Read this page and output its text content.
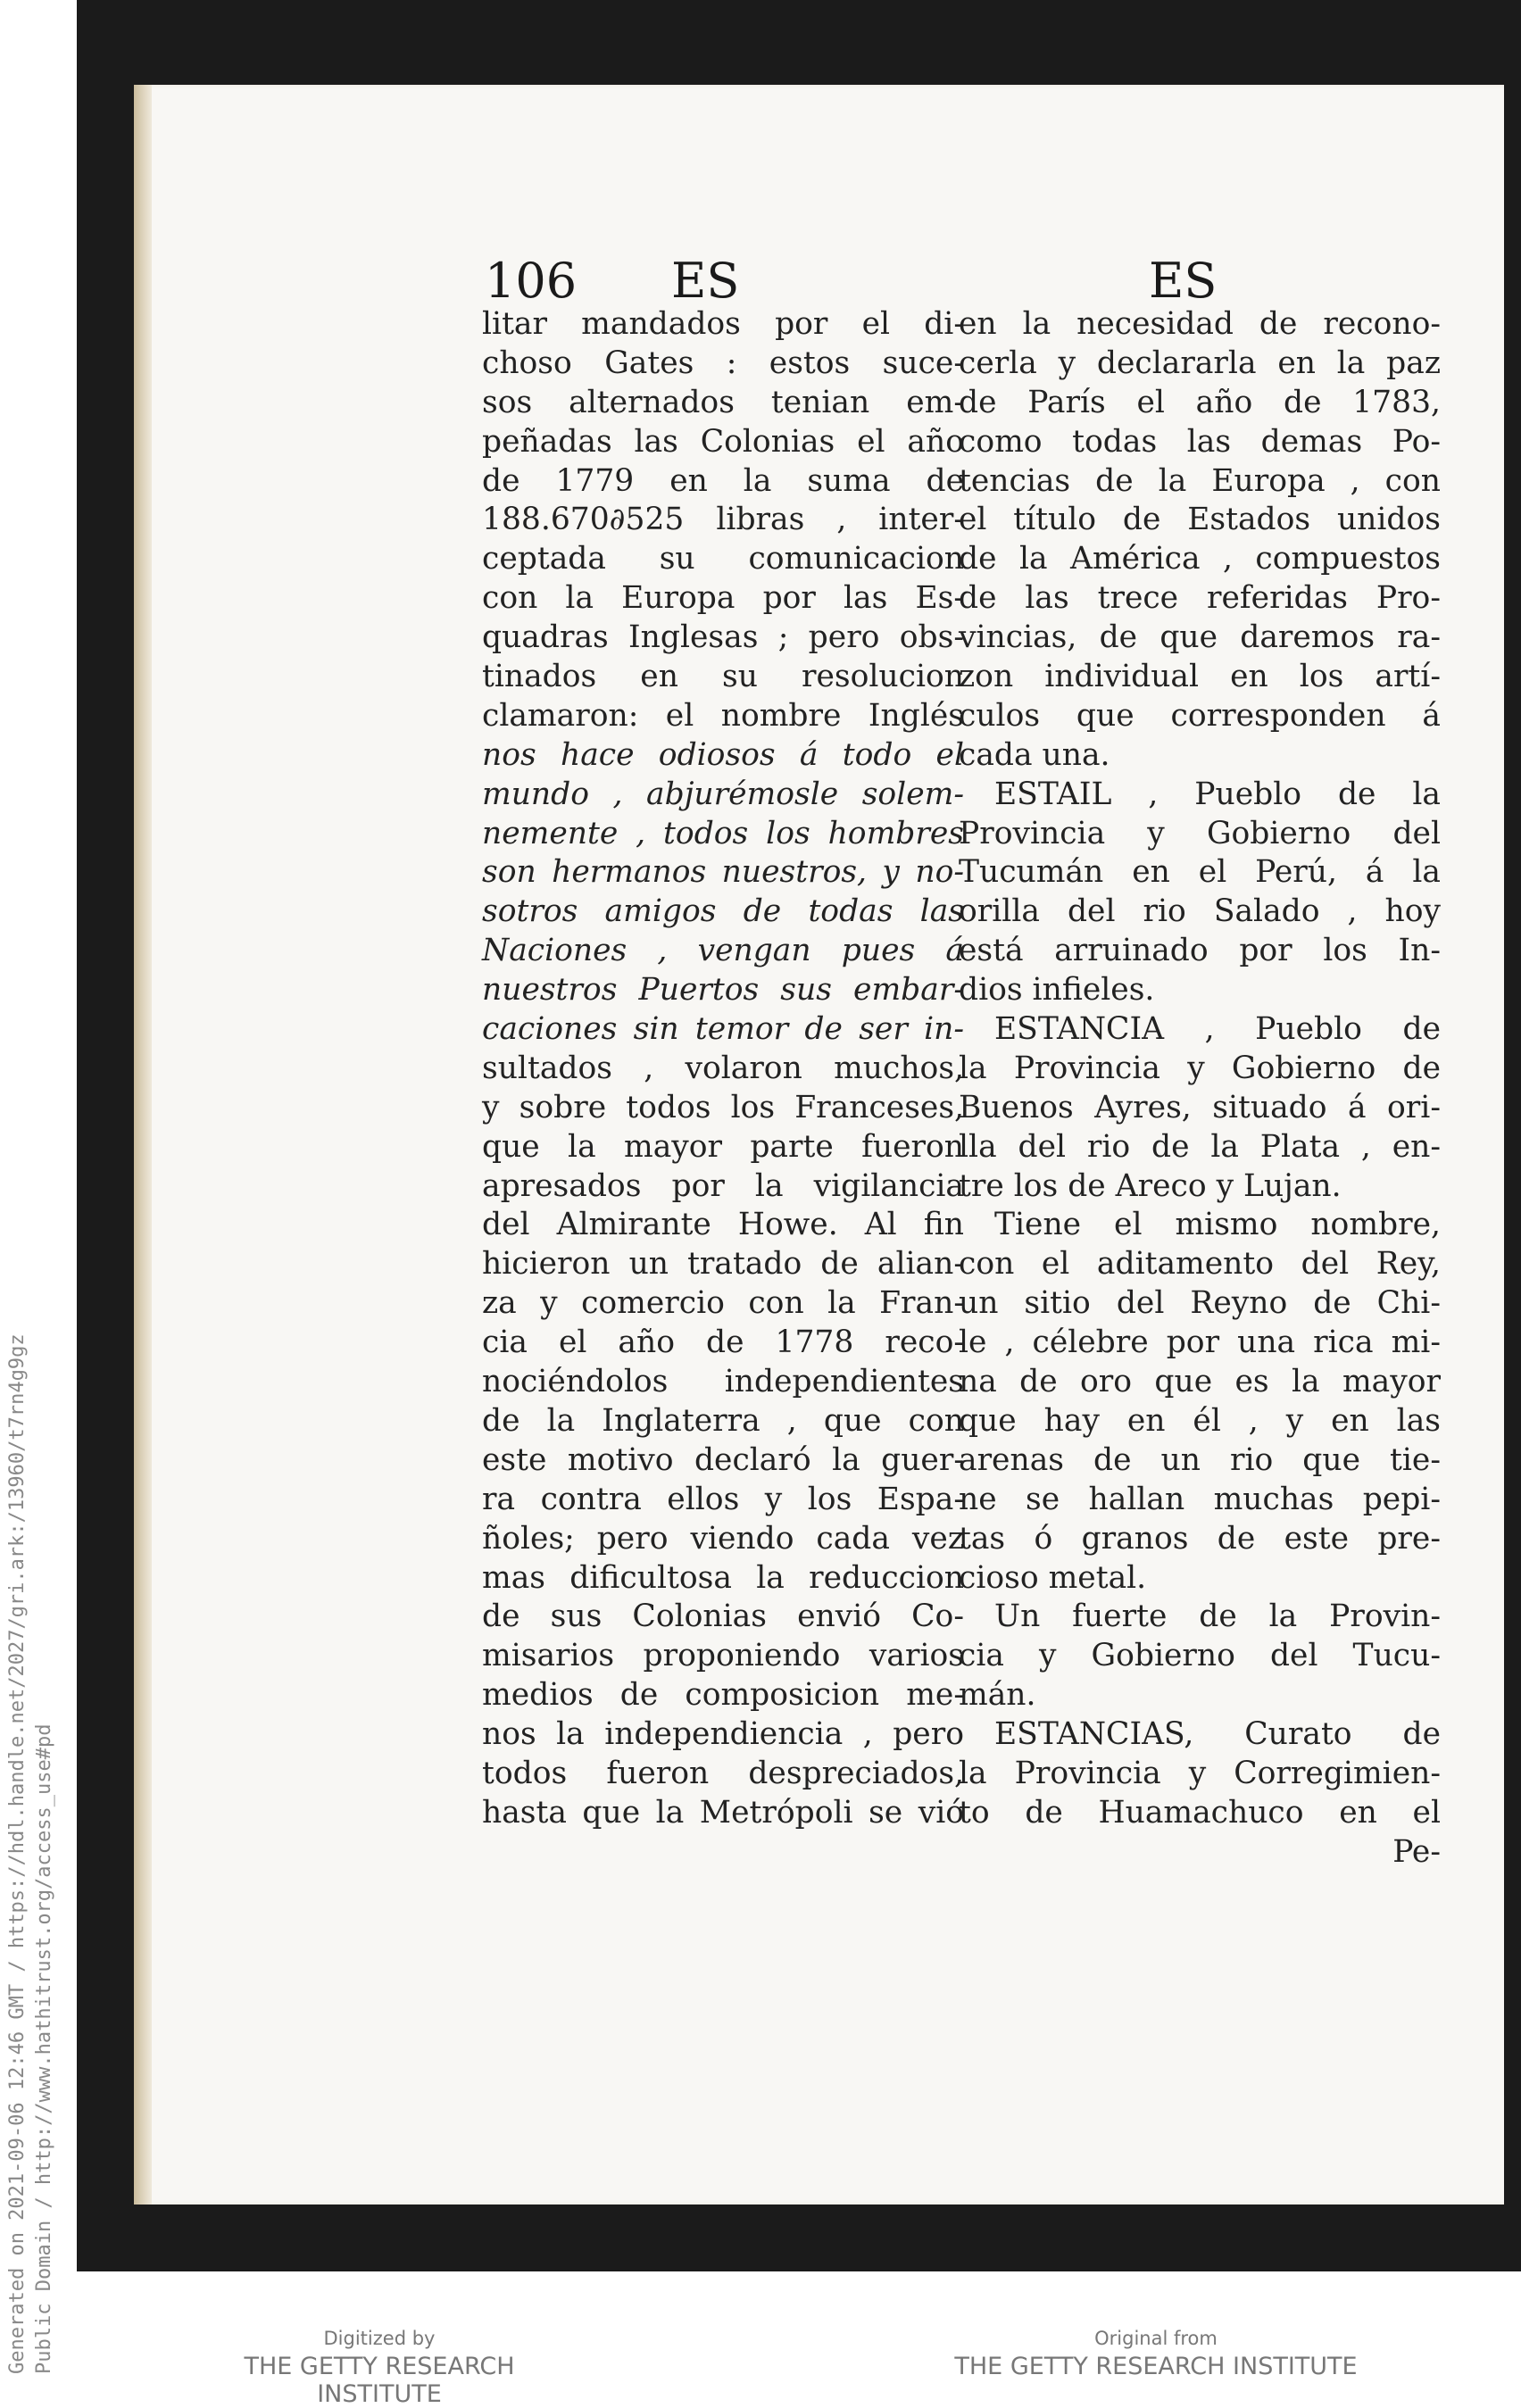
106 ES	ES
litar mandados por el di-
choso Gates : estos suce-
sos alternados tenian em-
peñadas las Colonias el año
de 1779 en la suma de
188.670∂525 libras , inter-
ceptada su comunicacion
con la Europa por las Es-
quadras Inglesas ; pero obs-
tinados en su resolucion
clamaron: el nombre Inglés
nos hace odiosos á todo el
mundo , abjurémosle solem-
nemente , todos los hombres
son hermanos nuestros, y no-
sotros amigos de todas las
Naciones , vengan pues á
nuestros Puertos sus embar-
caciones sin temor de ser in-
sultados , volaron muchos,
y sobre todos los Franceses,
que la mayor parte fueron
apresados por la vigilancia
del Almirante Howe. Al fin
hicieron un tratado de alian-
za y comercio con la Fran-
cia el año de 1778 reco-
nociéndolos independientes
de la Inglaterra , que con
este motivo declaró la guer-
ra contra ellos y los Espa-
ñoles; pero viendo cada vez
mas dificultosa la reduccion
de sus Colonias envió Co-
misarios proponiendo varios
medios de composicion me-
nos la independiencia , pero
todos fueron despreciados,
hasta que la Metrópoli se vió
en la necesidad de recono-
cerla y declararla en la paz
de París el año de 1783,
como todas las demas Po-
tencias de la Europa , con
el título de Estados unidos
de la América , compuestos
de las trece referidas Pro-
vincias, de que daremos ra-
zon individual en los artí-
culos que corresponden á
cada una.
ESTAIL , Pueblo de la
Provincia y Gobierno del
Tucumán en el Perú, á la
orilla del rio Salado , hoy
está arruinado por los In-
dios infieles.
ESTANCIA , Pueblo de
la Provincia y Gobierno de
Buenos Ayres, situado á ori-
lla del rio de la Plata , en-
tre los de Areco y Lujan.
Tiene el mismo nombre,
con el aditamento del Rey,
un sitio del Reyno de Chi-
le , célebre por una rica mi-
na de oro que es la mayor
que hay en él , y en las
arenas de un rio que tie-
ne se hallan muchas pepi-
tas ó granos de este pre-
cioso metal.
Un fuerte de la Provin-
cia y Gobierno del Tucu-
mán.
ESTANCIAS, Curato de
la Provincia y Corregimien-
to de Huamachuco en el
Pe-
Generated on 2021-09-06 12:46 GMT / https://hdl.handle.net/2027/gri.ark:/13960/t7rn4g9gz Public Domain / http://www.hathitrust.org/access_use#pd	Digitized by
THE GETTY RESEARCH INSTITUTE
Original from
THE GETTY RESEARCH INSTITUTE
